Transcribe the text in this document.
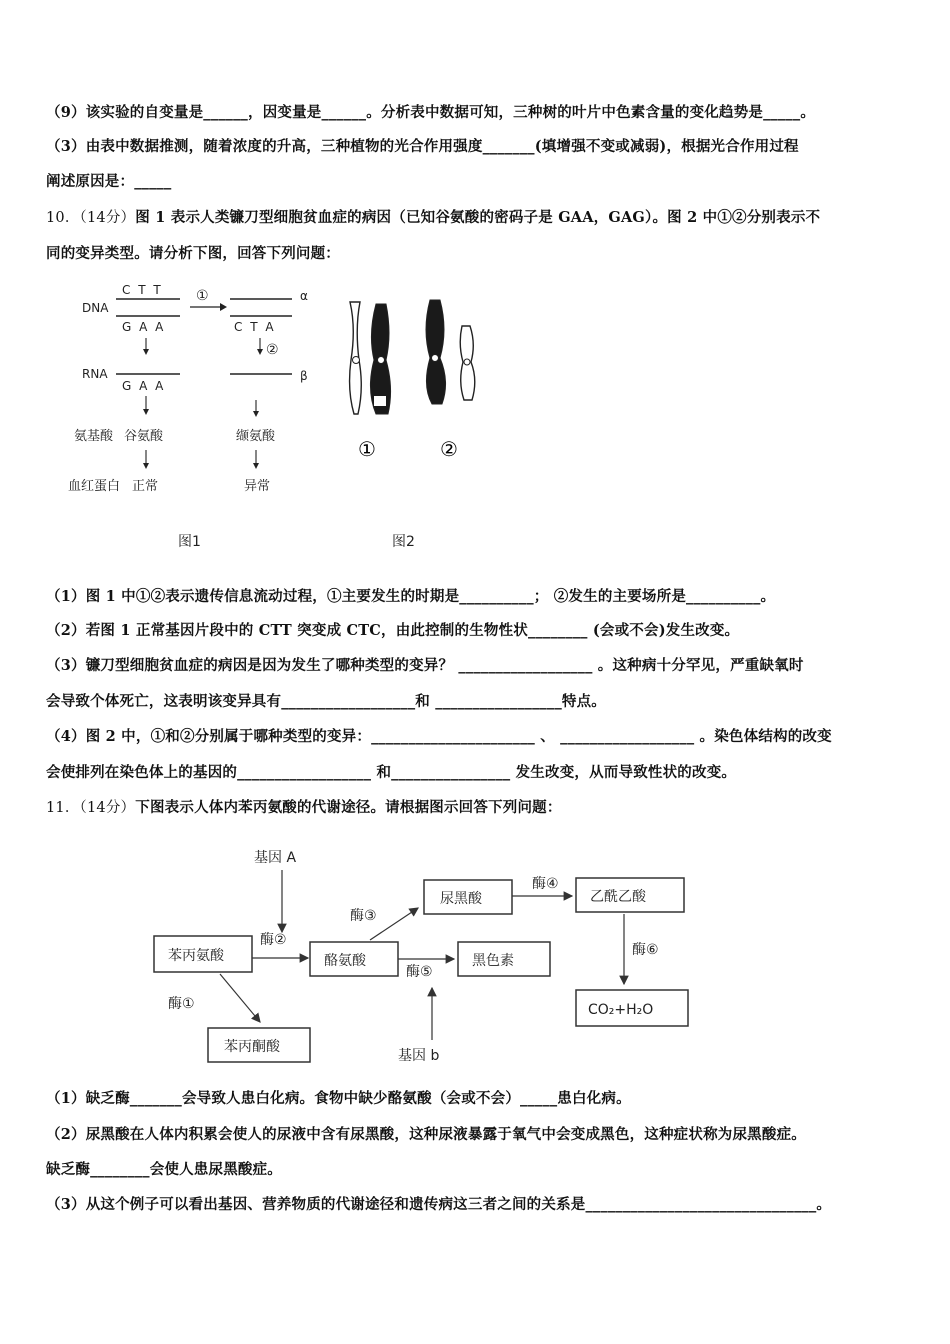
（9）该实验的自变量是______，因变量是______。分析表中数据可知，三种树的叶片中色素含量的变化趋势是_____。
（3）由表中数据推测，随着浓度的升高，三种植物的光合作用强度_______(填增强不变或减弱)，根据光合作用过程
阐述原因是：_____
10．（14分）图 1 表示人类镰刀型细胞贫血症的病因（已知谷氨酸的密码子是 GAA，GAG）。图 2 中①②分别表示不
同的变异类型。请分析下图，回答下列问题：
DNA
C T T
G A A
①	α
C T A
②
RNA
G A A
β
氨基酸 谷氨酸	缬氨酸
血红蛋白 正常	异常
图1
①	②
图2
（1）图 1 中①②表示遗传信息流动过程，①主要发生的时期是__________； ②发生的主要场所是__________。
（2）若图 1 正常基因片段中的 CTT 突变成 CTC，由此控制的生物性状________ (会或不会)发生改变。
（3）镰刀型细胞贫血症的病因是因为发生了哪种类型的变异？ __________________ 。这种病十分罕见，严重缺氧时
会导致个体死亡，这表明该变异具有__________________和 _________________特点。
（4）图 2 中，①和②分别属于哪种类型的变异：______________________ 、 __________________ 。染色体结构的改变
会使排列在染色体上的基因的__________________ 和________________ 发生改变，从而导致性状的改变。
11．（14分）下图表示人体内苯丙氨酸的代谢途径。请根据图示回答下列问题：
基因 A
苯丙氨酸
酶②
酪氨酸
酶③
尿黑酸
酶④
乙酰乙酸
酶⑥
CO₂+H₂O
酶⑤
黑色素
基因 b
酶①
苯丙酮酸
（1）缺乏酶_______会导致人患白化病。食物中缺少酪氨酸（会或不会）_____患白化病。
（2）尿黑酸在人体内积累会使人的尿液中含有尿黑酸，这种尿液暴露于氧气中会变成黑色，这种症状称为尿黑酸症。
缺乏酶________会使人患尿黑酸症。
（3）从这个例子可以看出基因、营养物质的代谢途径和遗传病这三者之间的关系是_______________________________。
